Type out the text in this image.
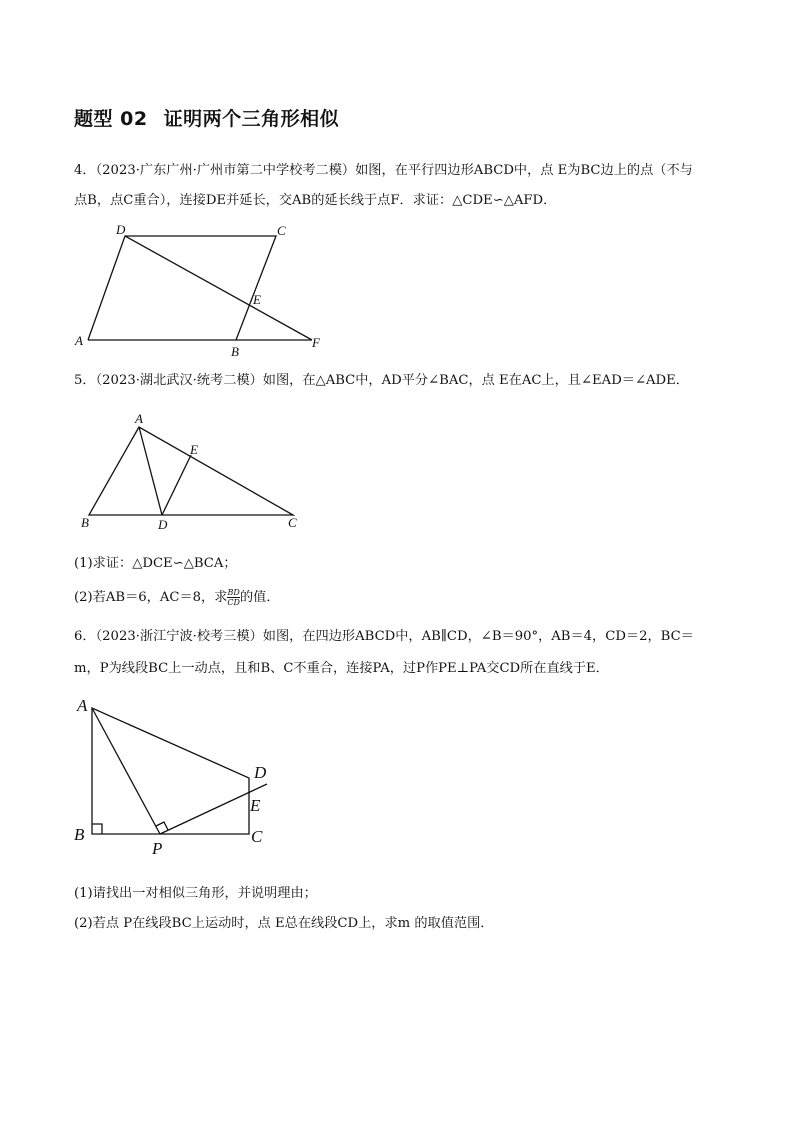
题型 02 证明两个三角形相似
4．（2023·广东广州·广州市第二中学校考二模）如图，在平行四边形ABCD中，点 E为BC边上的点（不与
点B，点C重合），连接DE并延长，交AB的延长线于点F．求证：△CDE∽△AFD．
D	C
E
A
B
F
5．（2023·湖北武汉·统考二模）如图，在△ABC中，AD平分∠BAC，点 E在AC上，且∠EAD＝∠ADE．
A
E
B	D	C
(1)求证：△DCE∽△BCA；
(2)若AB＝6，AC＝8，求 $\frac{BD}{CD}$ 的值．
6．（2023·浙江宁波·校考三模）如图，在四边形ABCD中，AB∥CD，∠B＝90°，AB＝4，CD＝2，BC＝
m，P为线段BC上一动点，且和B、C不重合，连接PA，过P作PE⊥PA交CD所在直线于E．
A
D
E
B	C
P
(1)请找出一对相似三角形，并说明理由；
(2)若点 P在线段BC上运动时，点 E总在线段CD上，求m 的取值范围．
